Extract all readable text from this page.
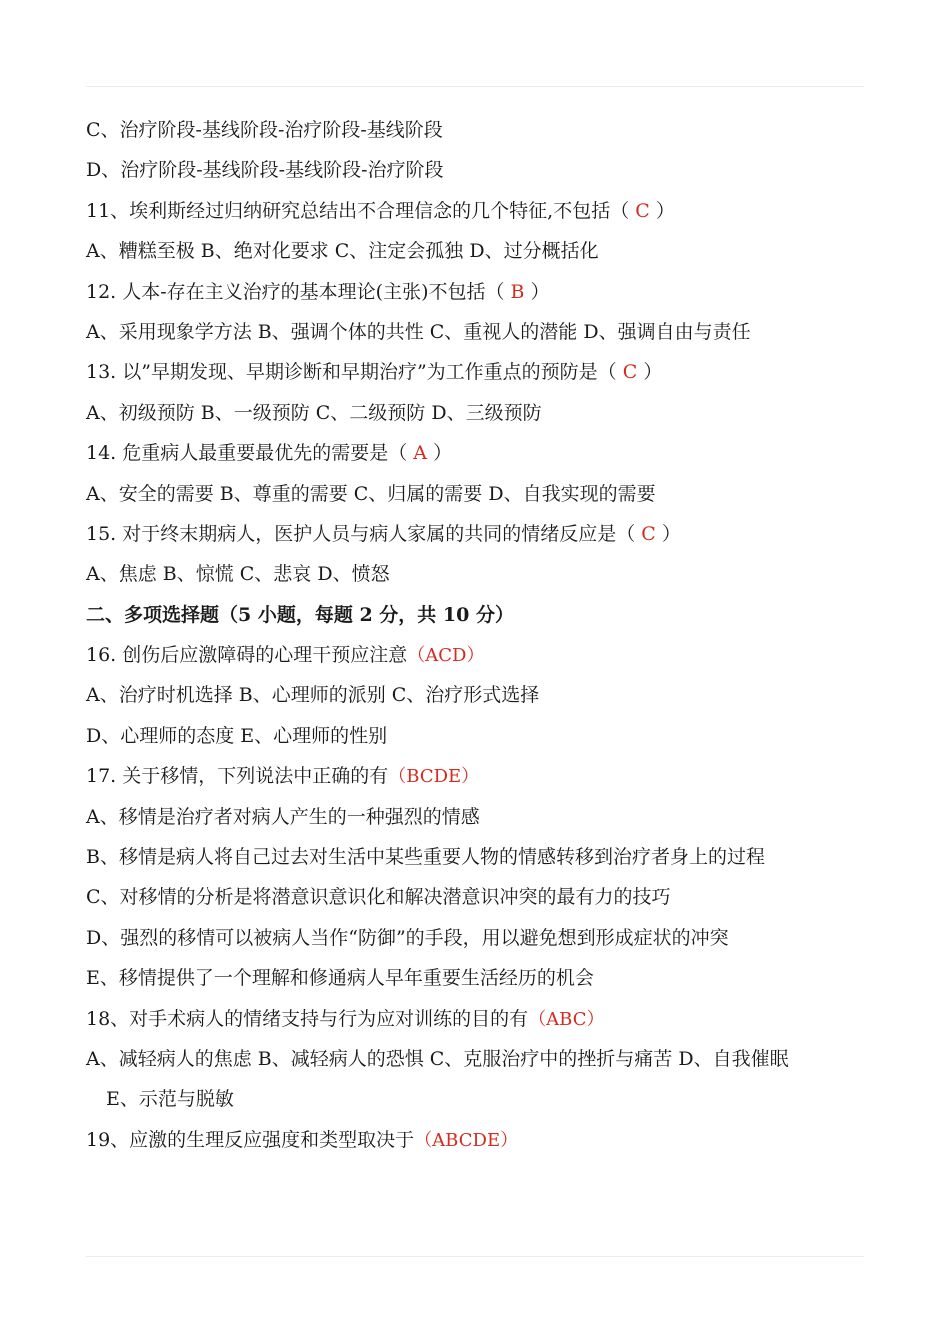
C、治疗阶段-基线阶段-治疗阶段-基线阶段
D、治疗阶段-基线阶段-基线阶段-治疗阶段
11、埃利斯经过归纳研究总结出不合理信念的几个特征,不包括（ C ）
A、糟糕至极 B、绝对化要求 C、注定会孤独 D、过分概括化
12. 人本-存在主义治疗的基本理论(主张)不包括（ B ）
A、采用现象学方法 B、强调个体的共性 C、重视人的潜能 D、强调自由与责任
13. 以”早期发现、早期诊断和早期治疗”为工作重点的预防是（ C ）
A、初级预防 B、一级预防 C、二级预防 D、三级预防
14. 危重病人最重要最优先的需要是（ A ）
A、安全的需要 B、尊重的需要 C、归属的需要 D、自我实现的需要
15. 对于终末期病人，医护人员与病人家属的共同的情绪反应是（ C ）
A、焦虑 B、惊慌 C、悲哀 D、愤怒
二、多项选择题（5 小题，每题 2 分，共 10 分）
16. 创伤后应激障碍的心理干预应注意（ACD）
A、治疗时机选择 B、心理师的派别 C、治疗形式选择
D、心理师的态度 E、心理师的性别
17. 关于移情，下列说法中正确的有（BCDE）
A、移情是治疗者对病人产生的一种强烈的情感
B、移情是病人将自己过去对生活中某些重要人物的情感转移到治疗者身上的过程
C、对移情的分析是将潜意识意识化和解决潜意识冲突的最有力的技巧
D、强烈的移情可以被病人当作“防御”的手段，用以避免想到形成症状的冲突
E、移情提供了一个理解和修通病人早年重要生活经历的机会
18、对手术病人的情绪支持与行为应对训练的目的有（ABC）
A、减轻病人的焦虑 B、减轻病人的恐惧 C、克服治疗中的挫折与痛苦 D、自我催眠
E、示范与脱敏
19、应激的生理反应强度和类型取决于（ABCDE）
